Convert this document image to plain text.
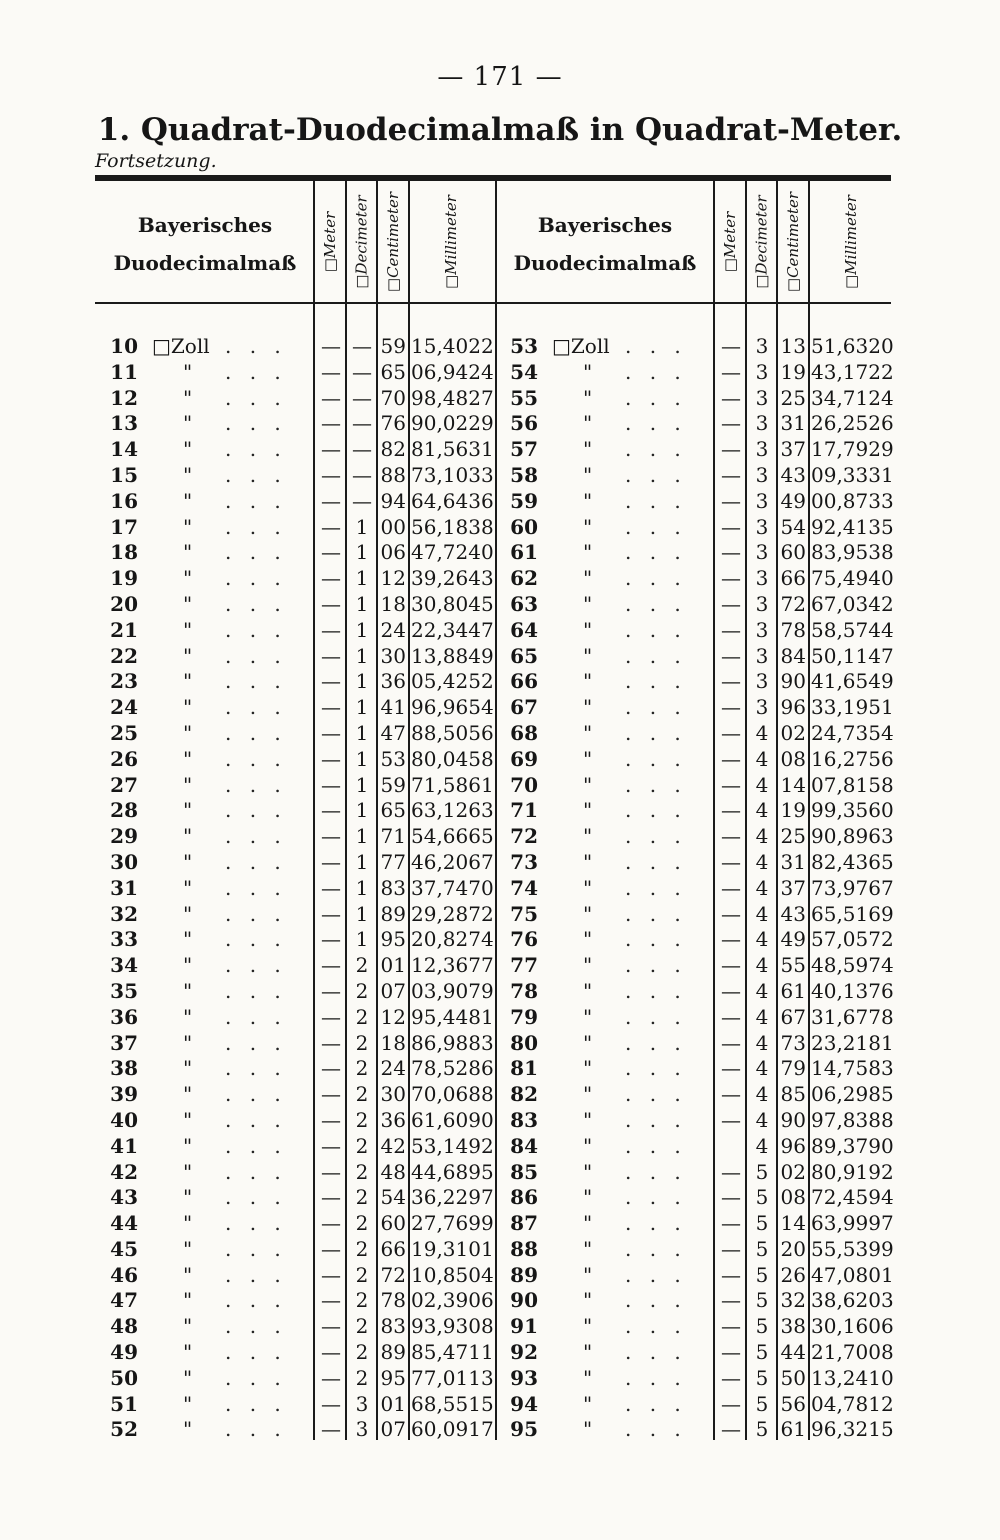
— 171 —
1. Quadrat-Duodecimalmaß in Quadrat-Meter.
Fortsetzung.
Bayerisches
Duodecimalmaß	□Meter □Decimeter □Centimeter	□Millimeter	Bayerisches
Duodecimalmaß	□Meter □Decimeter □Centimeter	□Millimeter
10 □Zoll . . . — — 59 15,4022
11 " . . . — — 65 06,9424
12 " . . . — — 70 98,4827
13 " . . . — — 76 90,0229
14 " . . . — — 82 81,5631
15 " . . . — — 88 73,1033
16 " . . . — — 94 64,6436
17 " . . . — 1 00 56,1838
18 " . . . — 1 06 47,7240
19 " . . . — 1 12 39,2643
20 " . . . — 1 18 30,8045
21 " . . . — 1 24 22,3447
22 " . . . — 1 30 13,8849
23 " . . . — 1 36 05,4252
24 " . . . — 1 41 96,9654
25 " . . . — 1 47 88,5056
26 " . . . — 1 53 80,0458
27 " . . . — 1 59 71,5861
28 " . . . — 1 65 63,1263
29 " . . . — 1 71 54,6665
30 " . . . — 1 77 46,2067
31 " . . . — 1 83 37,7470
32 " . . . — 1 89 29,2872
33 " . . . — 1 95 20,8274
34 " . . . — 2 01 12,3677
35 " . . . — 2 07 03,9079
36 " . . . — 2 12 95,4481
37 " . . . — 2 18 86,9883
38 " . . . — 2 24 78,5286
39 " . . . — 2 30 70,0688
40 " . . . — 2 36 61,6090
41 " . . . — 2 42 53,1492
42 " . . . — 2 48 44,6895
43 " . . . — 2 54 36,2297
44 " . . . — 2 60 27,7699
45 " . . . — 2 66 19,3101
46 " . . . — 2 72 10,8504
47 " . . . — 2 78 02,3906
48 " . . . — 2 83 93,9308
49 " . . . — 2 89 85,4711
50 " . . . — 2 95 77,0113
51 " . . . — 3 01 68,5515
52 " . . . — 3 07 60,0917
53 □Zoll . . . — 3 13 51,6320
54 " . . . — 3 19 43,1722
55 " . . . — 3 25 34,7124
56 " . . . — 3 31 26,2526
57 " . . . — 3 37 17,7929
58 " . . . — 3 43 09,3331
59 " . . . — 3 49 00,8733
60 " . . . — 3 54 92,4135
61 " . . . — 3 60 83,9538
62 " . . . — 3 66 75,4940
63 " . . . — 3 72 67,0342
64 " . . . — 3 78 58,5744
65 " . . . — 3 84 50,1147
66 " . . . — 3 90 41,6549
67 " . . . — 3 96 33,1951
68 " . . . — 4 02 24,7354
69 " . . . — 4 08 16,2756
70 " . . . — 4 14 07,8158
71 " . . . — 4 19 99,3560
72 " . . . — 4 25 90,8963
73 " . . . — 4 31 82,4365
74 " . . . — 4 37 73,9767
75 " . . . — 4 43 65,5169
76 " . . . — 4 49 57,0572
77 " . . . — 4 55 48,5974
78 " . . . — 4 61 40,1376
79 " . . . — 4 67 31,6778
80 " . . . — 4 73 23,2181
81 " . . . — 4 79 14,7583
82 " . . . — 4 85 06,2985
83 " . . . — 4 90 97,8388
84 " . . .	4 96 89,3790
85 " . . . — 5 02 80,9192
86 " . . . — 5 08 72,4594
87 " . . . — 5 14 63,9997
88 " . . . — 5 20 55,5399
89 " . . . — 5 26 47,0801
90 " . . . — 5 32 38,6203
91 " . . . — 5 38 30,1606
92 " . . . — 5 44 21,7008
93 " . . . — 5 50 13,2410
94 " . . . — 5 56 04,7812
95 " . . . — 5 61 96,3215
